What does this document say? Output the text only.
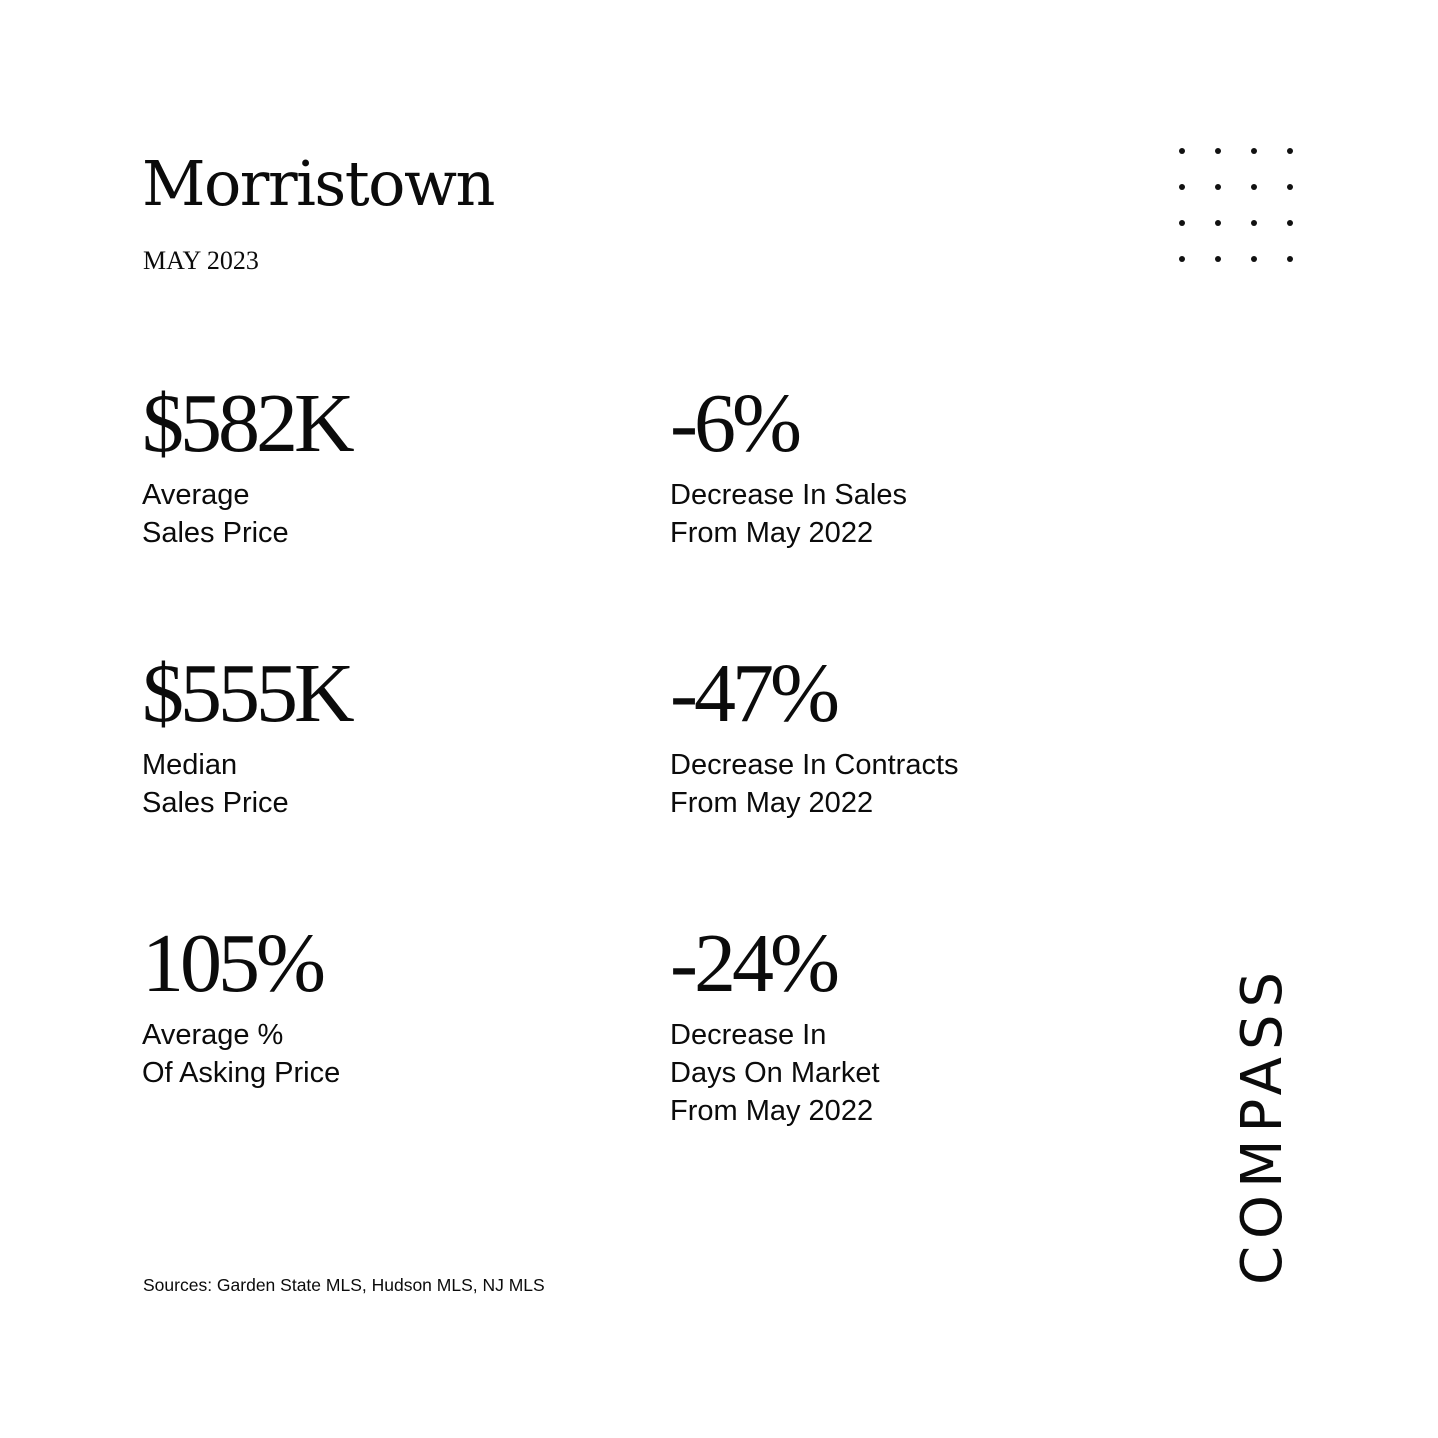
Morristown
MAY 2023
$582K
Average
Sales Price
-6%
Decrease In Sales
From May 2022
$555K
Median
Sales Price
-47%
Decrease In Contracts
From May 2022
105%
Average %
Of Asking Price
-24%
Decrease In
Days On Market
From May 2022
Sources: Garden State MLS, Hudson MLS, NJ MLS	COMPASS
